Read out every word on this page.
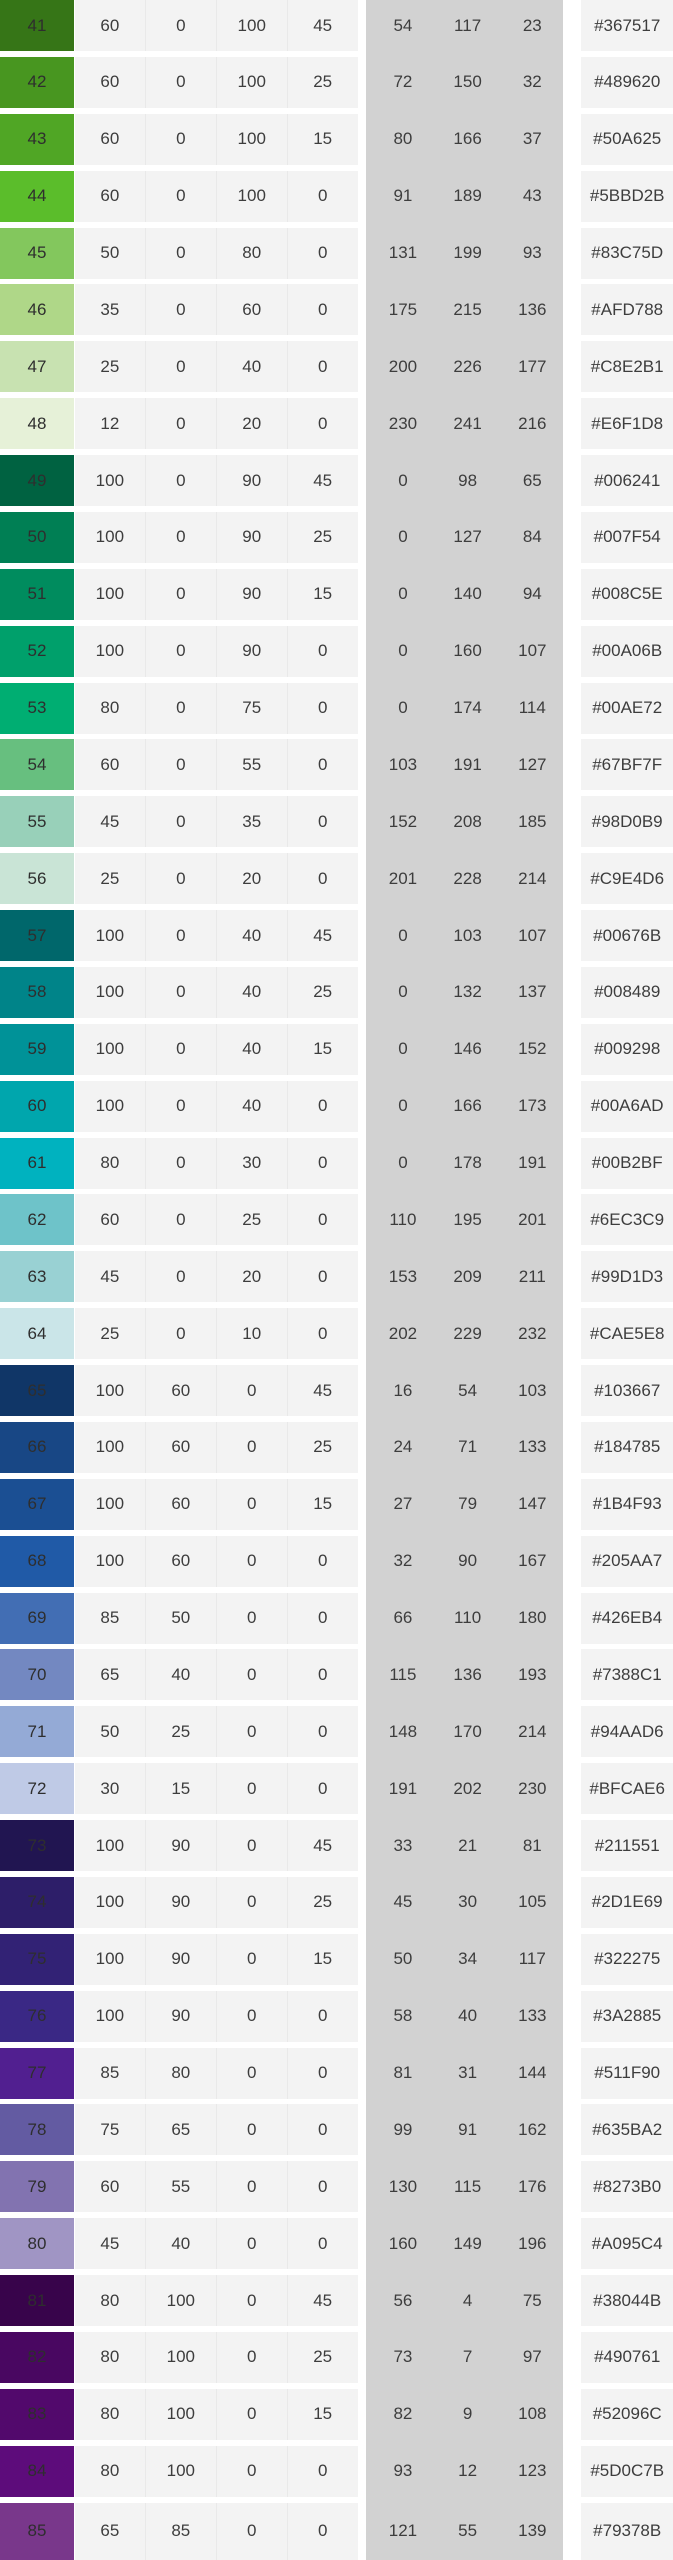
41	60	0	100	45	54	117	23	#367517
42	60	0	100	25	72	150	32	#489620
43	60	0	100	15	80	166	37	#50A625
44	60	0	100	0	91	189	43	#5BBD2B
45	50	0	80	0	131	199	93	#83C75D
46	35	0	60	0	175	215	136	#AFD788
47	25	0	40	0	200	226	177	#C8E2B1
48	12	0	20	0	230	241	216	#E6F1D8
49	100	0	90	45	0	98	65	#006241
50	100	0	90	25	0	127	84	#007F54
51	100	0	90	15	0	140	94	#008C5E
52	100	0	90	0	0	160	107	#00A06B
53	80	0	75	0	0	174	114	#00AE72
54	60	0	55	0	103	191	127	#67BF7F
55	45	0	35	0	152	208	185	#98D0B9
56	25	0	20	0	201	228	214	#C9E4D6
57	100	0	40	45	0	103	107	#00676B
58	100	0	40	25	0	132	137	#008489
59	100	0	40	15	0	146	152	#009298
60	100	0	40	0	0	166	173	#00A6AD
61	80	0	30	0	0	178	191	#00B2BF
62	60	0	25	0	110	195	201	#6EC3C9
63	45	0	20	0	153	209	211	#99D1D3
64	25	0	10	0	202	229	232	#CAE5E8
65	100	60	0	45	16	54	103	#103667
66	100	60	0	25	24	71	133	#184785
67	100	60	0	15	27	79	147	#1B4F93
68	100	60	0	0	32	90	167	#205AA7
69	85	50	0	0	66	110	180	#426EB4
70	65	40	0	0	115	136	193	#7388C1
71	50	25	0	0	148	170	214	#94AAD6
72	30	15	0	0	191	202	230	#BFCAE6
73	100	90	0	45	33	21	81	#211551
74	100	90	0	25	45	30	105	#2D1E69
75	100	90	0	15	50	34	117	#322275
76	100	90	0	0	58	40	133	#3A2885
77	85	80	0	0	81	31	144	#511F90
78	75	65	0	0	99	91	162	#635BA2
79	60	55	0	0	130	115	176	#8273B0
80	45	40	0	0	160	149	196	#A095C4
81	80	100	0	45	56	4	75	#38044B
82	80	100	0	25	73	7	97	#490761
83	80	100	0	15	82	9	108	#52096C
84	80	100	0	0	93	12	123	#5D0C7B
85	65	85	0	0	121	55	139	#79378B
